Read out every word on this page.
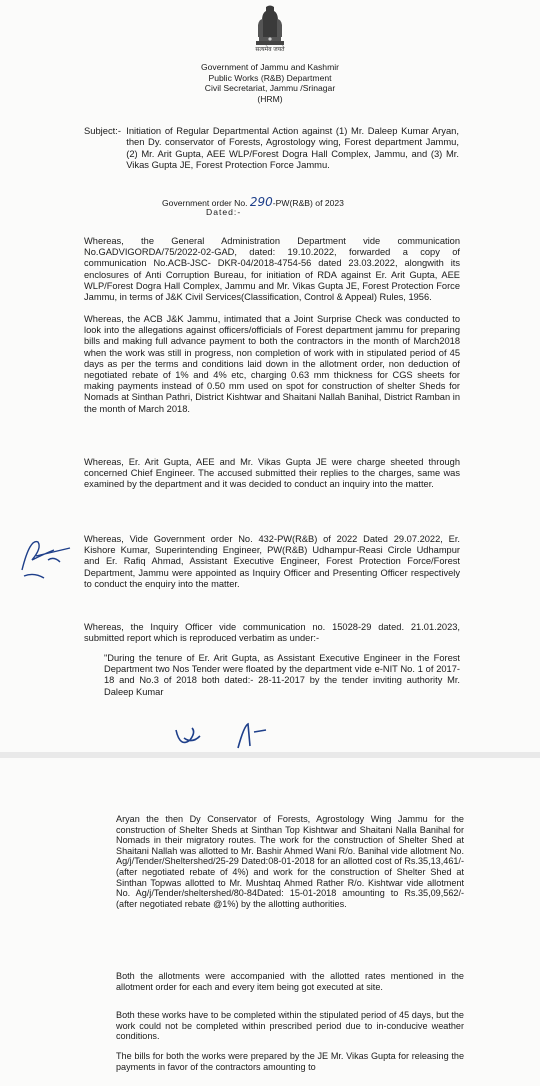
सत्यमेव जयते
Government of Jammu and Kashmir
Public Works (R&B) Department
Civil Secretariat, Jammu /Srinagar
(HRM)
Subject:- Initiation of Regular Departmental Action against (1) Mr. Daleep Kumar Aryan, then Dy. conservator of Forests, Agrostology wing, Forest department Jammu, (2) Mr. Arit Gupta, AEE WLP/Forest Dogra Hall Complex, Jammu, and (3) Mr. Vikas Gupta JE, Forest Protection Force Jammu.
Government order No. 290-PW(R&B) of 2023
Dated:-
Whereas, the General Administration Department vide communication No.GADVIGORDA/75/2022-02-GAD, dated: 19.10.2022, forwarded a copy of communication No.ACB-JSC- DKR-04/2018-4754-56 dated 23.03.2022, alongwith its enclosures of Anti Corruption Bureau, for initiation of RDA against Er. Arit Gupta, AEE WLP/Forest Dogra Hall Complex, Jammu and Mr. Vikas Gupta JE, Forest Protection Force Jammu, in terms of J&K Civil Services(Classification, Control & Appeal) Rules, 1956.
Whereas, the ACB J&K Jammu, intimated that a Joint Surprise Check was conducted to look into the allegations against officers/officials of Forest department jammu for preparing bills and making full advance payment to both the contractors in the month of March2018 when the work was still in progress, non completion of work with in stipulated period of 45 days as per the terms and conditions laid down in the allotment order, non deduction of negotiated rebate of 1% and 4% etc, charging 0.63 mm thickness for CGS sheets for making payments instead of 0.50 mm used on spot for construction of shelter Sheds for Nomads at Sinthan Pathri, District Kishtwar and Shaitani Nallah Banihal, District Ramban in the month of March 2018.
Whereas, Er. Arit Gupta, AEE and Mr. Vikas Gupta JE were charge sheeted through concerned Chief Engineer. The accused submitted their replies to the charges, same was examined by the department and it was decided to conduct an inquiry into the matter.
Whereas, Vide Government order No. 432-PW(R&B) of 2022 Dated 29.07.2022, Er. Kishore Kumar, Superintending Engineer, PW(R&B) Udhampur-Reasi Circle Udhampur and Er. Rafiq Ahmad, Assistant Executive Engineer, Forest Protection Force/Forest Department, Jammu were appointed as Inquiry Officer and Presenting Officer respectively to conduct the enquiry into the matter.
Whereas, the Inquiry Officer vide communication no. 15028-29 dated. 21.01.2023, submitted report which is reproduced verbatim as under:-
"During the tenure of Er. Arit Gupta, as Assistant Executive Engineer in the Forest Department two Nos Tender were floated by the department vide e-NIT No. 1 of 2017-18 and No.3 of 2018 both dated:- 28-11-2017 by the tender inviting authority Mr. Daleep Kumar
Aryan the then Dy Conservator of Forests, Agrostology Wing Jammu for the construction of Shelter Sheds at Sinthan Top Kishtwar and Shaitani Nalla Banihal for Nomads in their migratory routes. The work for the construction of Shelter Shed at Shaitani Nallah was allotted to Mr. Bashir Ahmed Wani R/o. Banihal vide allotment No. Ag/j/Tender/Sheltershed/25-29 Dated:08-01-2018 for an allotted cost of Rs.35,13,461/-(after negotiated rebate of 4%) and work for the construction of Shelter Shed at Sinthan Topwas allotted to Mr. Mushtaq Ahmed Rather R/o. Kishtwar vide allotment No. Ag/j/Tender/sheltershed/80-84Dated: 15-01-2018 amounting to Rs.35,09,562/- (after negotiated rebate @1%) by the allotting authorities.
Both the allotments were accompanied with the allotted rates mentioned in the allotment order for each and every item being got executed at site.
Both these works have to be completed within the stipulated period of 45 days, but the work could not be completed within prescribed period due to in-conducive weather conditions.
The bills for both the works were prepared by the JE Mr. Vikas Gupta for releasing the payments in favor of the contractors amounting to
